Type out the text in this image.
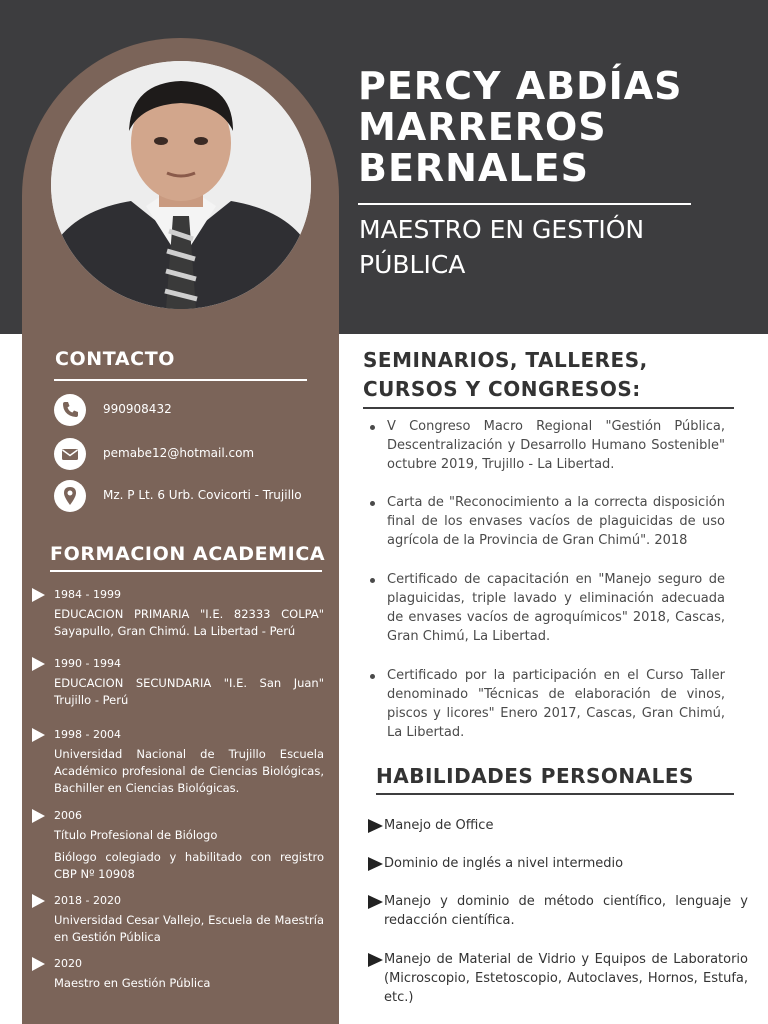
PERCY ABDÍAS
MARREROS
BERNALES
MAESTRO EN GESTIÓN
PÚBLICA
CONTACTO
990908432
pemabe12@hotmail.com
Mz. P Lt. 6 Urb. Covicorti - Trujillo
FORMACION ACADEMICA
1984 - 1999
EDUCACION PRIMARIA "I.E. 82333 COLPA" Sayapullo, Gran Chimú. La Libertad - Perú
1990 - 1994
EDUCACION SECUNDARIA "I.E. San Juan" Trujillo - Perú
1998 - 2004
Universidad Nacional de Trujillo Escuela Académico profesional de Ciencias Biológicas, Bachiller en Ciencias Biológicas.
2006
Título Profesional de Biólogo
Biólogo colegiado y habilitado con registro CBP Nº 10908
2018 - 2020
Universidad Cesar Vallejo, Escuela de Maestría en Gestión Pública
2020
Maestro en Gestión Pública
SEMINARIOS, TALLERES,
CURSOS Y CONGRESOS:
V Congreso Macro Regional "Gestión Pública, Descentralización y Desarrollo Humano Sostenible" octubre 2019, Trujillo - La Libertad.
Carta de "Reconocimiento a la correcta disposición final de los envases vacíos de plaguicidas de uso agrícola de la Provincia de Gran Chimú". 2018
Certificado de capacitación en "Manejo seguro de plaguicidas, triple lavado y eliminación adecuada de envases vacíos de agroquímicos" 2018, Cascas, Gran Chimú, La Libertad.
Certificado por la participación en el Curso Taller denominado "Técnicas de elaboración de vinos, piscos y licores" Enero 2017, Cascas, Gran Chimú, La Libertad.
HABILIDADES PERSONALES
Manejo de Office
Dominio de inglés a nivel intermedio
Manejo y dominio de método científico, lenguaje y redacción científica.
Manejo de Material de Vidrio y Equipos de Laboratorio (Microscopio, Estetoscopio, Autoclaves, Hornos, Estufa, etc.)
